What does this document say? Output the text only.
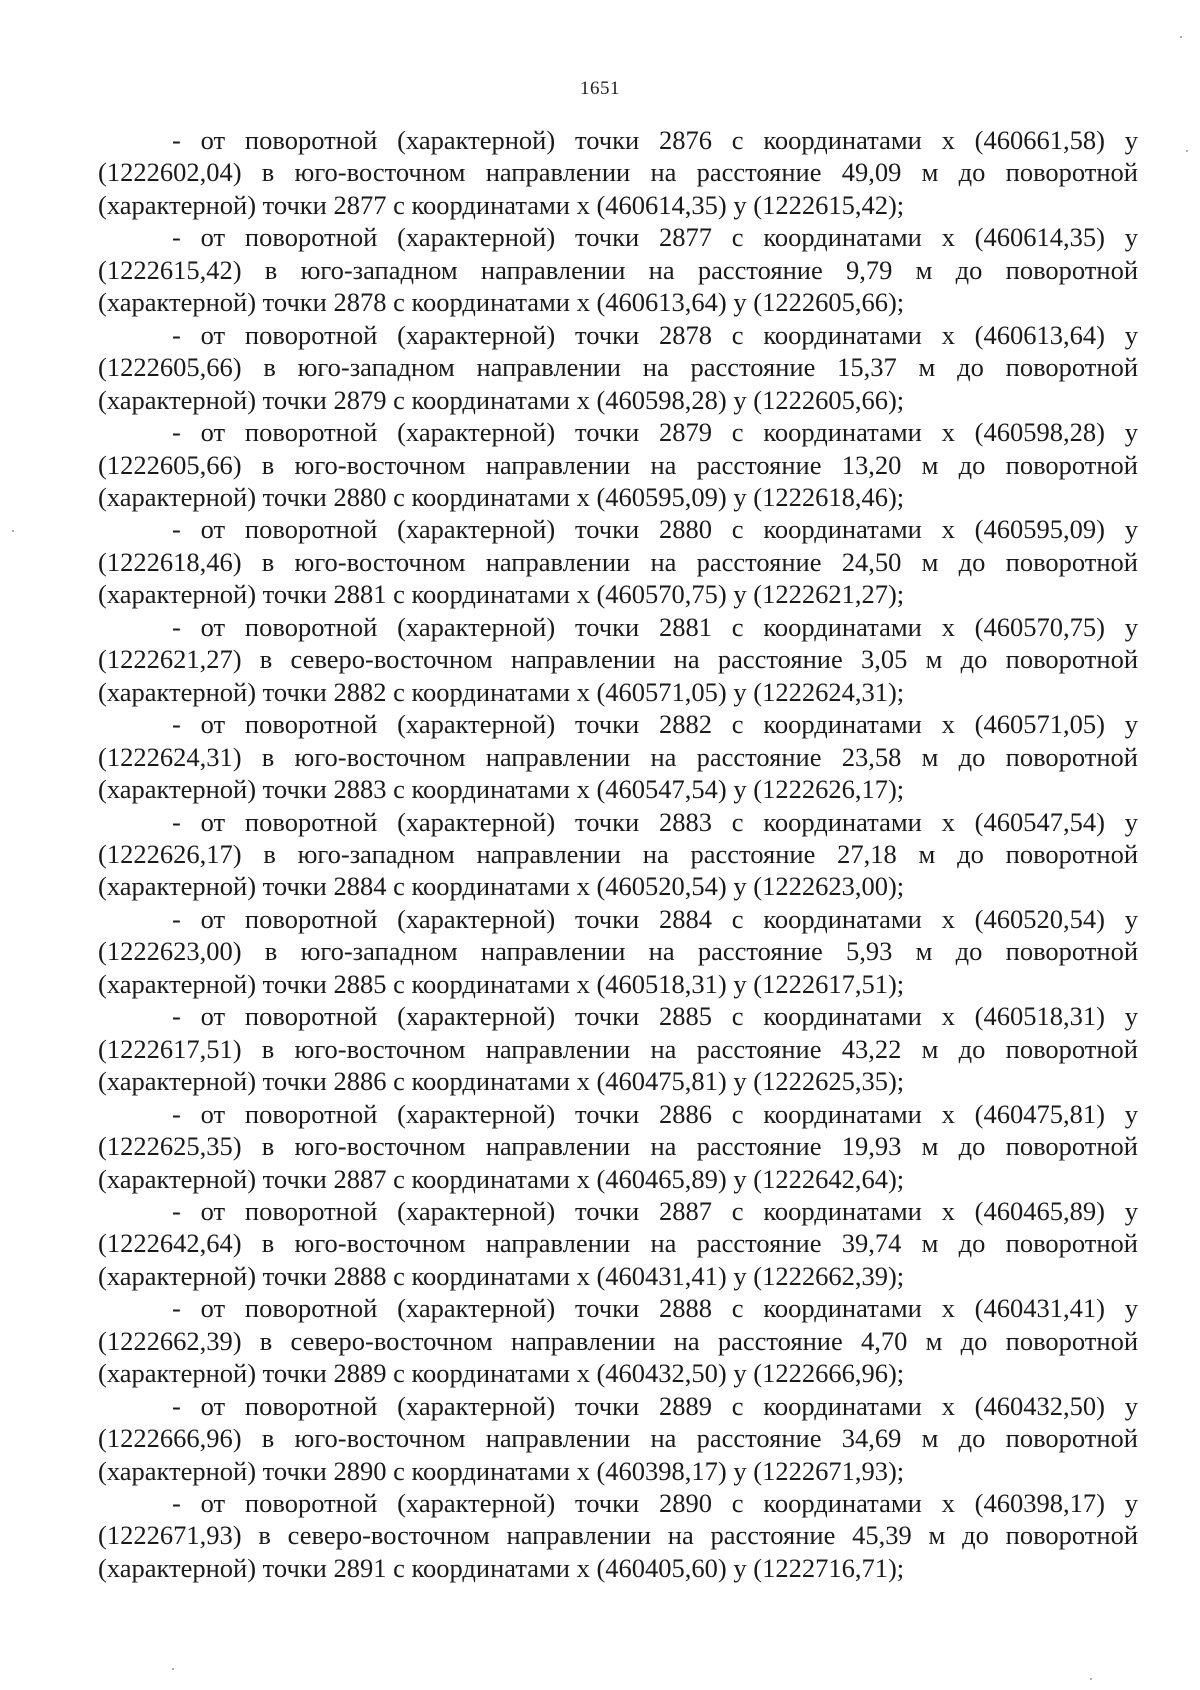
1651

- от поворотной (характерной) точки 2876 с координатами х (460661,58) у (1222602,04) в юго-восточном направлении на расстояние 49,09 м до поворотной (характерной) точки 2877 с координатами х (460614,35) у (1222615,42);

- от поворотной (характерной) точки 2877 с координатами х (460614,35) у (1222615,42) в юго-западном направлении на расстояние 9,79 м до поворотной (характерной) точки 2878 с координатами х (460613,64) у (1222605,66);

- от поворотной (характерной) точки 2878 с координатами х (460613,64) у (1222605,66) в юго-западном направлении на расстояние 15,37 м до поворотной (характерной) точки 2879 с координатами х (460598,28) у (1222605,66);

- от поворотной (характерной) точки 2879 с координатами х (460598,28) у (1222605,66) в юго-восточном направлении на расстояние 13,20 м до поворотной (характерной) точки 2880 с координатами х (460595,09) у (1222618,46);

- от поворотной (характерной) точки 2880 с координатами х (460595,09) у (1222618,46) в юго-восточном направлении на расстояние 24,50 м до поворотной (характерной) точки 2881 с координатами х (460570,75) у (1222621,27);

- от поворотной (характерной) точки 2881 с координатами х (460570,75) у (1222621,27) в северо-восточном направлении на расстояние 3,05 м до поворотной (характерной) точки 2882 с координатами х (460571,05) у (1222624,31);

- от поворотной (характерной) точки 2882 с координатами х (460571,05) у (1222624,31) в юго-восточном направлении на расстояние 23,58 м до поворотной (характерной) точки 2883 с координатами х (460547,54) у (1222626,17);

- от поворотной (характерной) точки 2883 с координатами х (460547,54) у (1222626,17) в юго-западном направлении на расстояние 27,18 м до поворотной (характерной) точки 2884 с координатами х (460520,54) у (1222623,00);

- от поворотной (характерной) точки 2884 с координатами х (460520,54) у (1222623,00) в юго-западном направлении на расстояние 5,93 м до поворотной (характерной) точки 2885 с координатами х (460518,31) у (1222617,51);

- от поворотной (характерной) точки 2885 с координатами х (460518,31) у (1222617,51) в юго-восточном направлении на расстояние 43,22 м до поворотной (характерной) точки 2886 с координатами х (460475,81) у (1222625,35);

- от поворотной (характерной) точки 2886 с координатами х (460475,81) у (1222625,35) в юго-восточном направлении на расстояние 19,93 м до поворотной (характерной) точки 2887 с координатами х (460465,89) у (1222642,64);

- от поворотной (характерной) точки 2887 с координатами х (460465,89) у (1222642,64) в юго-восточном направлении на расстояние 39,74 м до поворотной (характерной) точки 2888 с координатами х (460431,41) у (1222662,39);

- от поворотной (характерной) точки 2888 с координатами х (460431,41) у (1222662,39) в северо-восточном направлении на расстояние 4,70 м до поворотной (характерной) точки 2889 с координатами х (460432,50) у (1222666,96);

- от поворотной (характерной) точки 2889 с координатами х (460432,50) у (1222666,96) в юго-восточном направлении на расстояние 34,69 м до поворотной (характерной) точки 2890 с координатами х (460398,17) у (1222671,93);

- от поворотной (характерной) точки 2890 с координатами х (460398,17) у (1222671,93) в северо-восточном направлении на расстояние 45,39 м до поворотной (характерной) точки 2891 с координатами х (460405,60) у (1222716,71);
